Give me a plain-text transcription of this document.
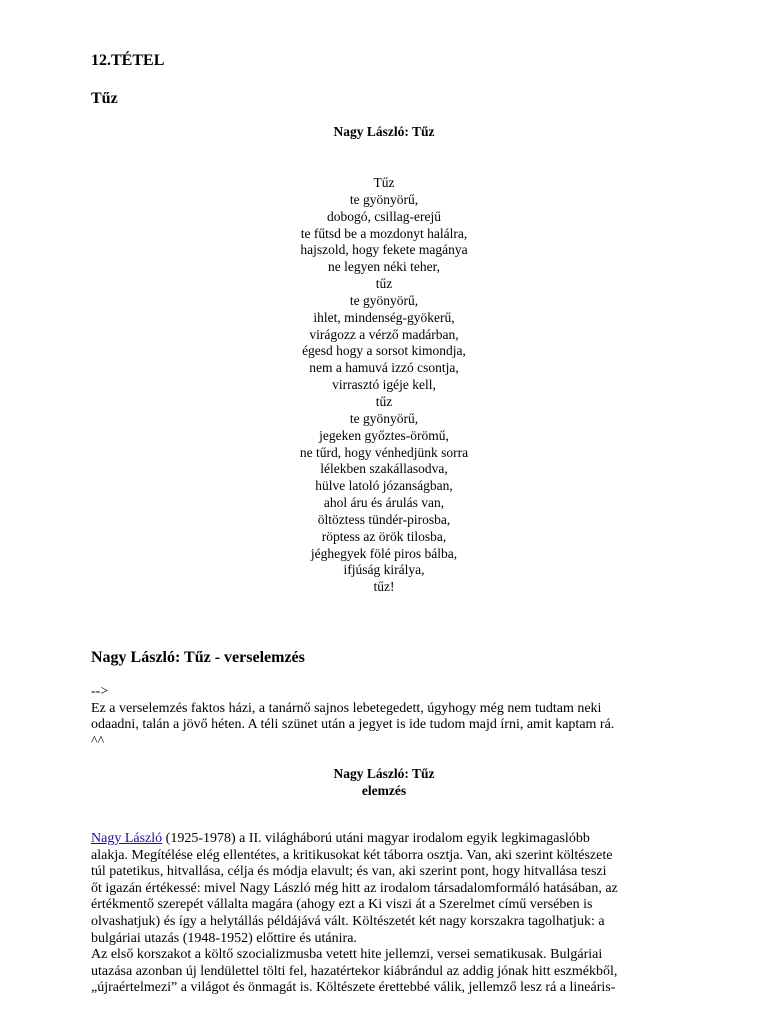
12.TÉTEL
Tűz
Nagy László: Tűz
Tűz
te gyönyörű,
dobogó, csillag-erejű
te fűtsd be a mozdonyt halálra,
hajszold, hogy fekete magánya
ne legyen néki teher,
tűz
te gyönyörű,
ihlet, mindenség-gyökerű,
virágozz a vérző madárban,
égesd hogy a sorsot kimondja,
nem a hamuvá izzó csontja,
virrasztó igéje kell,
tűz
te gyönyörű,
jegeken győztes-örömű,
ne tűrd, hogy vénhedjünk sorra
lélekben szakállasodva,
hülve latoló józanságban,
ahol áru és árulás van,
öltöztess tündér-pirosba,
röptess az örök tilosba,
jéghegyek fölé piros bálba,
ifjúság királya,
tűz!
Nagy László: Tűz - verselemzés
-->
Ez a verselemzés faktos házi, a tanárnő sajnos lebetegedett, úgyhogy még nem tudtam neki
odaadni, talán a jövő héten. A téli szünet után a jegyet is ide tudom majd írni, amit kaptam rá.
^^
Nagy László: Tűz
elemzés
Nagy László (1925-1978) a II. világháború utáni magyar irodalom egyik legkimagaslóbb
alakja. Megítélése elég ellentétes, a kritikusokat két táborra osztja. Van, aki szerint költészete
túl patetikus, hitvallása, célja és módja elavult; és van, aki szerint pont, hogy hitvallása teszi
őt igazán értékessé: mivel Nagy László még hitt az irodalom társadalomformáló hatásában, az
értékmentő szerepét vállalta magára (ahogy ezt a Ki viszi át a Szerelmet című versében is
olvashatjuk) és így a helytállás példájává vált. Költészetét két nagy korszakra tagolhatjuk: a
bulgáriai utazás (1948-1952) előttire és utánira.
Az első korszakot a költő szocializmusba vetett hite jellemzi, versei sematikusak. Bulgáriai
utazása azonban új lendülettel tölti fel, hazatértekor kiábrándul az addig jónak hitt eszmékből,
„újraértelmezi” a világot és önmagát is. Költészete érettebbé válik, jellemző lesz rá a lineáris-
